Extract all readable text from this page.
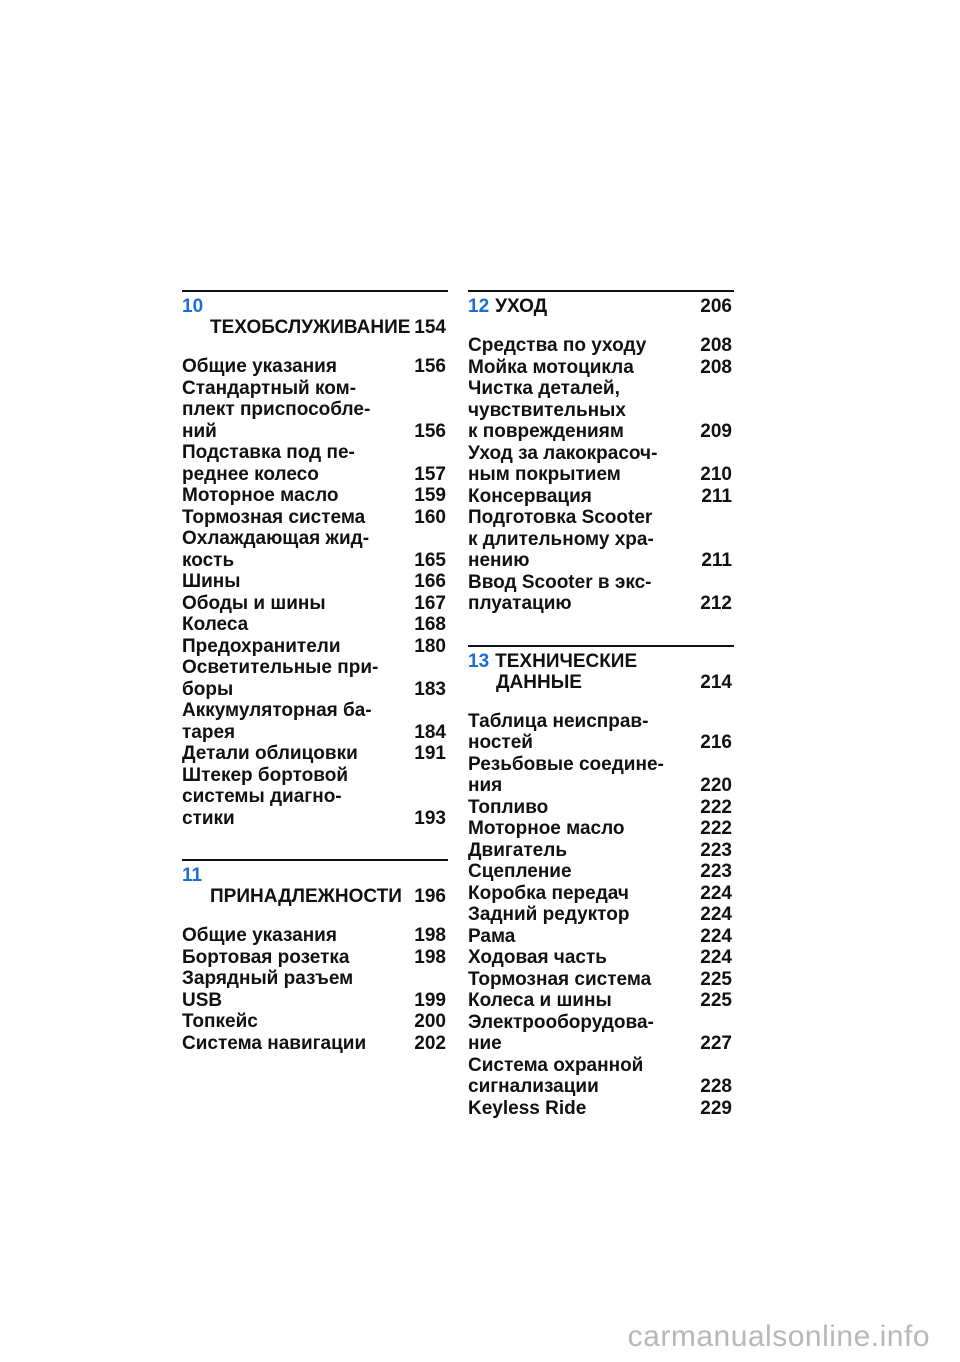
10
ТЕХОБСЛУЖИВАНИЕ 154
Общие указания	156
Стандартный ком-
плект приспособле-
ний	156
Подставка под пе-
реднее колесо	157
Моторное масло	159
Тормозная система	160
Охлаждающая жид-
кость	165
Шины	166
Ободы и шины	167
Колеса	168
Предохранители	180
Осветительные при-
боры	183
Аккумуляторная ба-
тарея	184
Детали облицовки	191
Штекер бортовой
системы диагно-
стики	193
11
ПРИНАДЛЕЖНОСТИ 196
Общие указания	198
Бортовая розетка	198
Зарядный разъем
USB	199
Топкейс	200
Система навигации	202
12 УХОД	206
Средства по уходу	208
Мойка мотоцикла	208
Чистка деталей,
чувствительных
к повреждениям	209
Уход за лакокрасоч-
ным покрытием	210
Консервация	211
Подготовка Scooter
к длительному хра-
нению	211
Ввод Scooter в экс-
плуатацию	212
13 ТЕХНИЧЕСКИЕ

ДАННЫЕ	214
Таблица неисправ-
ностей	216
Резьбовые соедине-
ния	220
Топливо	222
Моторное масло	222
Двигатель	223
Сцепление	223
Коробка передач	224
Задний редуктор	224
Рама	224
Ходовая часть	224
Тормозная система	225
Колеса и шины	225
Электрооборудова-
ние	227
Система охранной
сигнализации	228
Keyless Ride	229
carmanualsonline.info
